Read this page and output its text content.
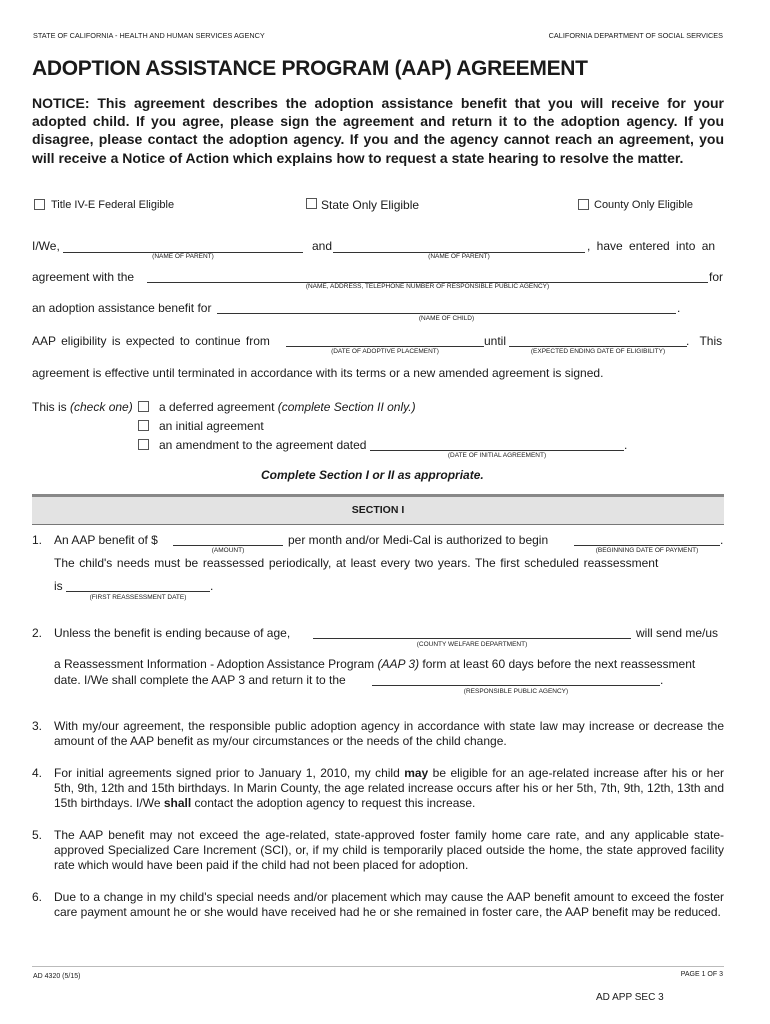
STATE OF CALIFORNIA - HEALTH AND HUMAN SERVICES AGENCY	CALIFORNIA DEPARTMENT OF SOCIAL SERVICES
ADOPTION ASSISTANCE PROGRAM (AAP) AGREEMENT
NOTICE: This agreement describes the adoption assistance benefit that you will receive for your adopted child. If you agree, please sign the agreement and return it to the adoption agency. If you disagree, please contact the adoption agency. If you and the agency cannot reach an agreement, you will receive a Notice of Action which explains how to request a state hearing to resolve the matter.
Title IV-E Federal Eligible	State Only Eligible	County Only Eligible
I/We,
(NAME OF PARENT)
and
(NAME OF PARENT)
, have entered into an
agreement with the	for
(NAME, ADDRESS, TELEPHONE NUMBER OF RESPONSIBLE PUBLIC AGENCY)
an adoption assistance benefit for	.
(NAME OF CHILD)
AAP eligibility is expected to continue from
(DATE OF ADOPTIVE PLACEMENT)
until
(EXPECTED ENDING DATE OF ELIGIBILITY)
. This
agreement is effective until terminated in accordance with its terms or a new amended agreement is signed.
This is (check one) a deferred agreement (complete Section II only.)
an initial agreement
an amendment to the agreement dated	.
(DATE OF INITIAL AGREEMENT)
Complete Section I or II as appropriate.
SECTION I
1. An AAP benefit of $
(AMOUNT)
per month and/or Medi-Cal is authorized to begin	.
(BEGINNING DATE OF PAYMENT)
The child's needs must be reassessed periodically, at least every two years. The first scheduled reassessment
is	.
(FIRST REASSESSMENT DATE)
2. Unless the benefit is ending because of age,
(COUNTY WELFARE DEPARTMENT)
will send me/us
a Reassessment Information - Adoption Assistance Program (AAP 3) form at least 60 days before the next reassessment
date. I/We shall complete the AAP 3 and return it to the	.
(RESPONSIBLE PUBLIC AGENCY)
3. With my/our agreement, the responsible public adoption agency in accordance with state law may increase or decrease the amount of the AAP benefit as my/our circumstances or the needs of the child change.
4. For initial agreements signed prior to January 1, 2010, my child may be eligible for an age-related increase after his or her 5th, 9th, 12th and 15th birthdays. In Marin County, the age related increase occurs after his or her 5th, 7th, 9th, 12th, 13th and 15th birthdays. I/We shall contact the adoption agency to request this increase.
5. The AAP benefit may not exceed the age-related, state-approved foster family home care rate, and any applicable state-approved Specialized Care Increment (SCI), or, if my child is temporarily placed outside the home, the state approved facility rate which would have been paid if the child had not been placed for adoption.
6. Due to a change in my child's special needs and/or placement which may cause the AAP benefit amount to exceed the foster care payment amount he or she would have received had he or she remained in foster care, the AAP benefit may be reduced.
AD 4320 (5/15)	PAGE 1 OF 3
AD APP SEC 3
